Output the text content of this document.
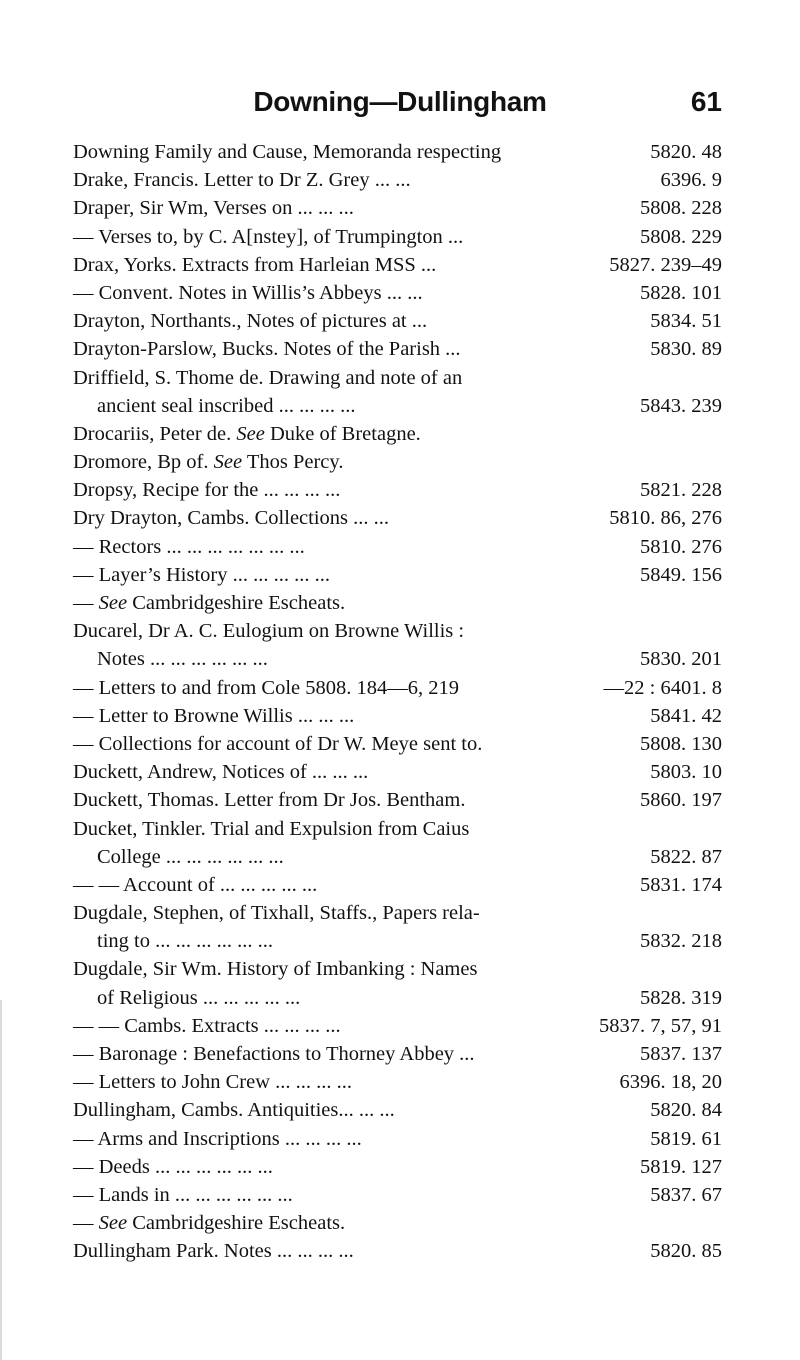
Downing—Dullingham	61
Downing Family and Cause, Memoranda respecting	5820. 48
Drake, Francis. Letter to Dr Z. Grey ... ...	6396. 9
Draper, Sir Wm, Verses on ... ... ...	5808. 228
— Verses to, by C. A[nstey], of Trumpington ...	5808. 229
Drax, Yorks. Extracts from Harleian MSS ...	5827. 239–49
— Convent. Notes in Willis’s Abbeys ... ...	5828. 101
Drayton, Northants., Notes of pictures at ...	5834. 51
Drayton-Parslow, Bucks. Notes of the Parish ...	5830. 89
Driffield, S. Thome de. Drawing and note of an
ancient seal inscribed ... ... ... ...	5843. 239
Drocariis, Peter de. See Duke of Bretagne.
Dromore, Bp of. See Thos Percy.
Dropsy, Recipe for the ... ... ... ...	5821. 228
Dry Drayton, Cambs. Collections ... ...	5810. 86, 276
— Rectors ... ... ... ... ... ... ...	5810. 276
— Layer’s History ... ... ... ... ...	5849. 156
— See Cambridgeshire Escheats.
Ducarel, Dr A. C. Eulogium on Browne Willis :
Notes ... ... ... ... ... ...	5830. 201
— Letters to and from Cole 5808. 184—6, 219	—22 : 6401. 8
— Letter to Browne Willis ... ... ...	5841. 42
— Collections for account of Dr W. Meye sent to.	5808. 130
Duckett, Andrew, Notices of ... ... ...	5803. 10
Duckett, Thomas. Letter from Dr Jos. Bentham.	5860. 197
Ducket, Tinkler. Trial and Expulsion from Caius
College ... ... ... ... ... ...	5822. 87
— — Account of ... ... ... ... ...	5831. 174
Dugdale, Stephen, of Tixhall, Staffs., Papers rela-
ting to ... ... ... ... ... ...	5832. 218
Dugdale, Sir Wm. History of Imbanking : Names
of Religious ... ... ... ... ...	5828. 319
— — Cambs. Extracts ... ... ... ...	5837. 7, 57, 91
— Baronage : Benefactions to Thorney Abbey ...	5837. 137
— Letters to John Crew ... ... ... ...	6396. 18, 20
Dullingham, Cambs. Antiquities... ... ...	5820. 84
— Arms and Inscriptions ... ... ... ...	5819. 61
— Deeds ... ... ... ... ... ...	5819. 127
— Lands in ... ... ... ... ... ...	5837. 67
— See Cambridgeshire Escheats.
Dullingham Park. Notes ... ... ... ...	5820. 85
